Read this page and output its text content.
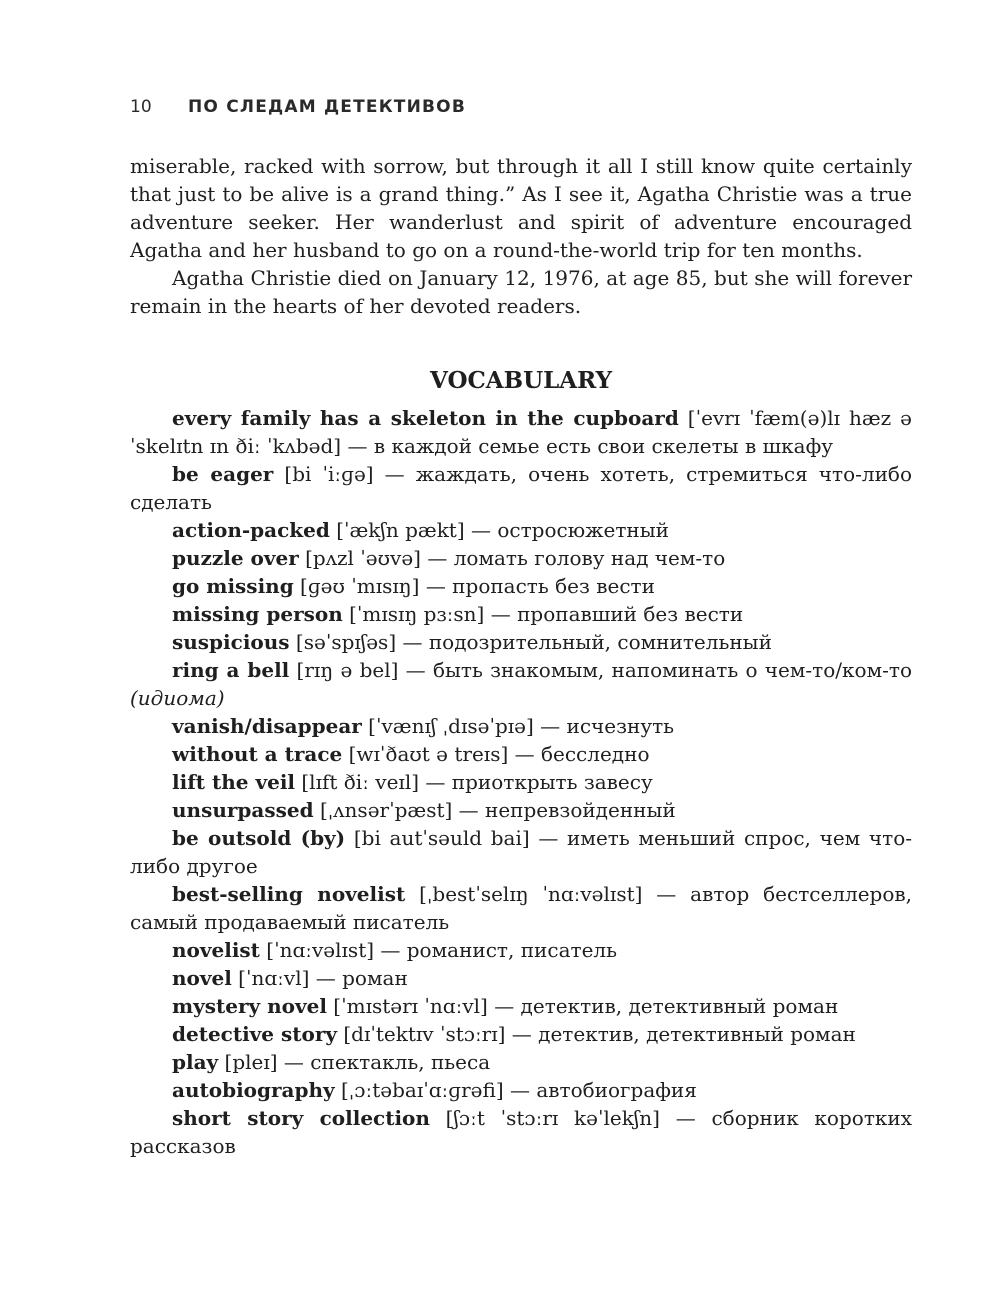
10	ПО СЛЕДАМ ДЕТЕКТИВОВ

miserable, racked with sorrow, but through it all I still know quite certainly that just to be alive is a grand thing.” As I see it, Agatha Christie was a true adventure seeker. Her wanderlust and spirit of adventure encouraged Agatha and her husband to go on a round-the-world trip for ten months.

Agatha Christie died on January 12, 1976, at age 85, but she will forever remain in the hearts of her devoted readers.

VOCABULARY

every family has a skeleton in the cupboard [ˈevrɪ ˈfæm(ə)lɪ hæz ə ˈskelɪtn ɪn ðiː ˈkʌbəd] — в каждой семье есть свои скелеты в шкафу

be eager [bi ˈiːɡə] — жаждать, очень хотеть, стремиться что-либо сделать

action-packed [ˈækʃn pækt] — остросюжетный

puzzle over [pʌzl ˈəʊvə] — ломать голову над чем-то

go missing [ɡəʊ ˈmɪsɪŋ] — пропасть без вести

missing person [ˈmɪsɪŋ pɜːsn] — пропавший без вести

suspicious [səˈspɪʃəs] — подозрительный, сомнительный

ring a bell [rɪŋ ə bel] — быть знакомым, напоминать о чем-то/ком-то (идиома)

vanish/disappear [ˈvænɪʃ ˌdɪsəˈpɪə] — исчезнуть

without a trace [wɪˈðaʊt ə treɪs] — бесследно

lift the veil [lɪft ðiː veɪl] — приоткрыть завесу

unsurpassed [ˌʌnsərˈpæst] — непревзойденный

be outsold (by) [bi autˈsəuld bai] — иметь меньший спрос, чем что-либо другое

best-selling novelist [ˌbestˈselɪŋ ˈnɑːvəlɪst] — автор бестселлеров, самый продаваемый писатель

novelist [ˈnɑːvəlɪst] — романист, писатель

novel [ˈnɑːvl] — роман

mystery novel [ˈmɪstərɪ ˈnɑːvl] — детектив, детективный роман

detective story [dɪˈtektɪv ˈstɔːrɪ] — детектив, детективный роман

play [pleɪ] — спектакль, пьеса

autobiography [ˌɔːtəbaɪˈɑːɡrəfi] — автобиография

short story collection [ʃɔːt ˈstɔːrɪ kəˈlekʃn] — сборник коротких рассказов
